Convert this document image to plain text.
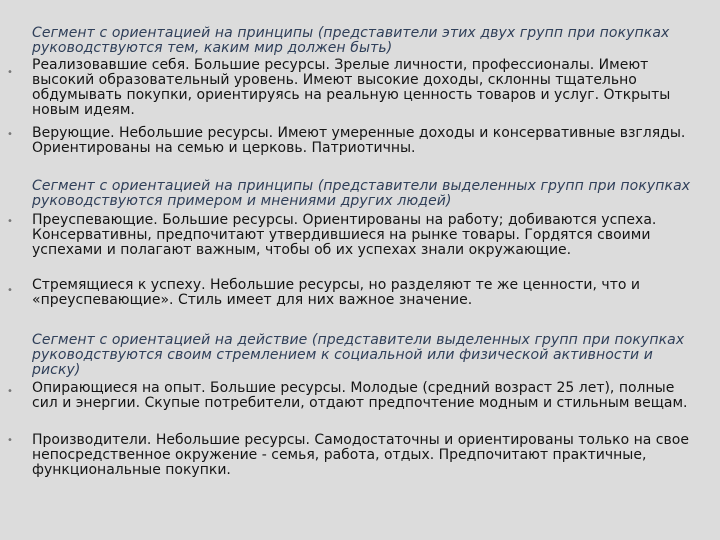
Сегмент с ориентацией на принципы (представители этих двух групп при покупках руководствуются тем, каким мир должен быть)
• Реализовавшие себя. Большие ресурсы. Зрелые личности, профессионалы. Имеют высокий образовательный уровень. Имеют высокие доходы, склонны тщательно обдумывать покупки, ориентируясь на реальную ценность товаров и услуг. Открыты новым идеям.
• Верующие. Небольшие ресурсы. Имеют умеренные доходы и консервативные взгляды. Ориентированы на семью и церковь. Патриотичны.
Сегмент с ориентацией на принципы (представители выделенных групп при покупках руководствуются примером и мнениями других людей)
• Преуспевающие. Большие ресурсы. Ориентированы на работу; добиваются успеха. Консервативны, предпочитают утвердившиеся на рынке товары. Гордятся своими успехами и полагают важным, чтобы об их успехах знали окружающие.
• Стремящиеся к успеху. Небольшие ресурсы, но разделяют те же ценности, что и «преуспевающие». Стиль имеет для них важное значение.
Сегмент с ориентацией на действие (представители выделенных групп при покупках руководствуются своим стремлением к социальной или физической активности и риску)
• Опирающиеся на опыт. Большие ресурсы. Молодые (средний возраст 25 лет), полные сил и энергии. Скупые потребители, отдают предпочтение модным и стильным вещам.
• Производители. Небольшие ресурсы. Самодостаточны и ориентированы только на свое непосредственное окружение - семья, работа, отдых. Предпочитают практичные, функциональные покупки.
